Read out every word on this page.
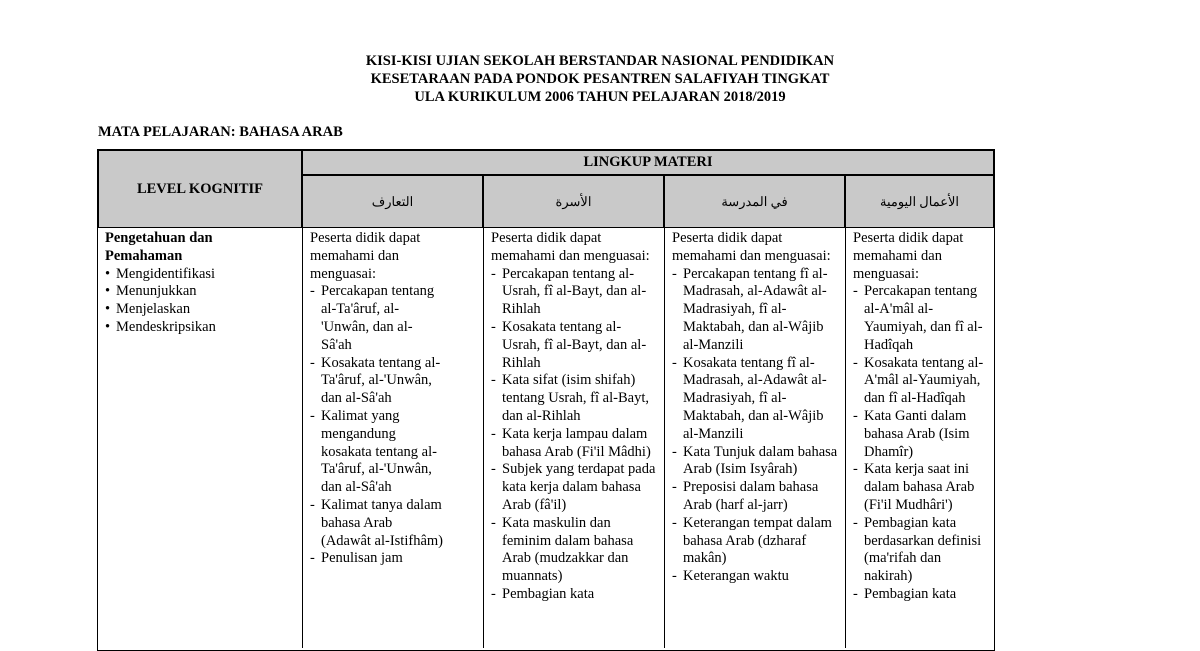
KISI-KISI UJIAN SEKOLAH BERSTANDAR NASIONAL PENDIDIKAN
KESETARAAN PADA PONDOK PESANTREN SALAFIYAH TINGKAT
ULA KURIKULUM 2006 TAHUN PELAJARAN 2018/2019
MATA PELAJARAN: BAHASA ARAB
LEVEL KOGNITIF
LINGKUP MATERI
التعارف	الأسرة	في المدرسة	الأعمال اليومية
Pengetahuan dan
Pemahaman
• Mengidentifikasi
• Menunjukkan
• Menjelaskan
• Mendeskripsikan

Peserta didik dapat memahami dan menguasai:

- Percakapan tentang al-Ta'âruf, al-'Unwân, dan al-Sâ'ah
- Kosakata tentang al-Ta'âruf, al-'Unwân, dan al-Sâ'ah
- Kalimat yang mengandung kosakata tentang al-Ta'âruf, al-'Unwân, dan al-Sâ'ah
- Kalimat tanya dalam bahasa Arab (Adawât al-Istifhâm)
- Penulisan jam

Peserta didik dapat memahami dan menguasai:

- Percakapan tentang al-Usrah, fî al-Bayt, dan al-Rihlah
- Kosakata tentang al-Usrah, fî al-Bayt, dan al-Rihlah
- Kata sifat (isim shifah) tentang Usrah, fî al-Bayt, dan al-Rihlah
- Kata kerja lampau dalam bahasa Arab (Fi'il Mâdhi)
- Subjek yang terdapat pada kata kerja dalam bahasa Arab (fâ'il)
- Kata maskulin dan feminim dalam bahasa Arab (mudzakkar dan muannats)
- Pembagian kata

Peserta didik dapat memahami dan menguasai:

- Percakapan tentang fî al-Madrasah, al-Adawât al-Madrasiyah, fî al-Maktabah, dan al-Wâjib al-Manzili
- Kosakata tentang fî al-Madrasah, al-Adawât al-Madrasiyah, fî al-Maktabah, dan al-Wâjib al-Manzili
- Kata Tunjuk dalam bahasa Arab (Isim Isyârah)
- Preposisi dalam bahasa Arab (harf al-jarr)
- Keterangan tempat dalam bahasa Arab (dzharaf makân)
- Keterangan waktu

Peserta didik dapat memahami dan menguasai:

- Percakapan tentang al-A'mâl al-Yaumiyah, dan fî al-Hadîqah
- Kosakata tentang al-A'mâl al-Yaumiyah, dan fî al-Hadîqah
- Kata Ganti dalam bahasa Arab (Isim Dhamîr)
- Kata kerja saat ini dalam bahasa Arab (Fi'il Mudhâri')
- Pembagian kata berdasarkan definisi (ma'rifah dan nakirah)
- Pembagian kata
